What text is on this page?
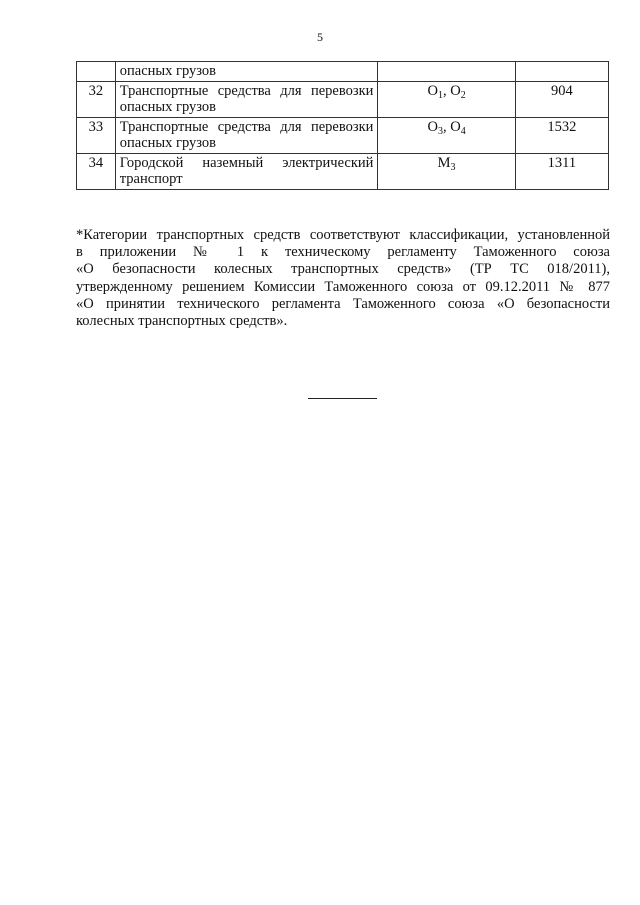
5
	опасных грузов		
32	Транспортные средства для перевозки
опасных грузов	$O_1$, $O_2$	904
33	Транспортные средства для перевозки
опасных грузов	$O_3$, $O_4$	1532
34	Городской наземный электрический
транспорт	$M_3$	1311
*Категории транспортных средств соответствуют классификации, установленной
в приложении № 1 к техническому регламенту Таможенного союза
«О безопасности колесных транспортных средств» (ТР ТС 018/2011),
утвержденному решением Комиссии Таможенного союза от 09.12.2011 № 877
«О принятии технического регламента Таможенного союза «О безопасности
колесных транспортных средств».
